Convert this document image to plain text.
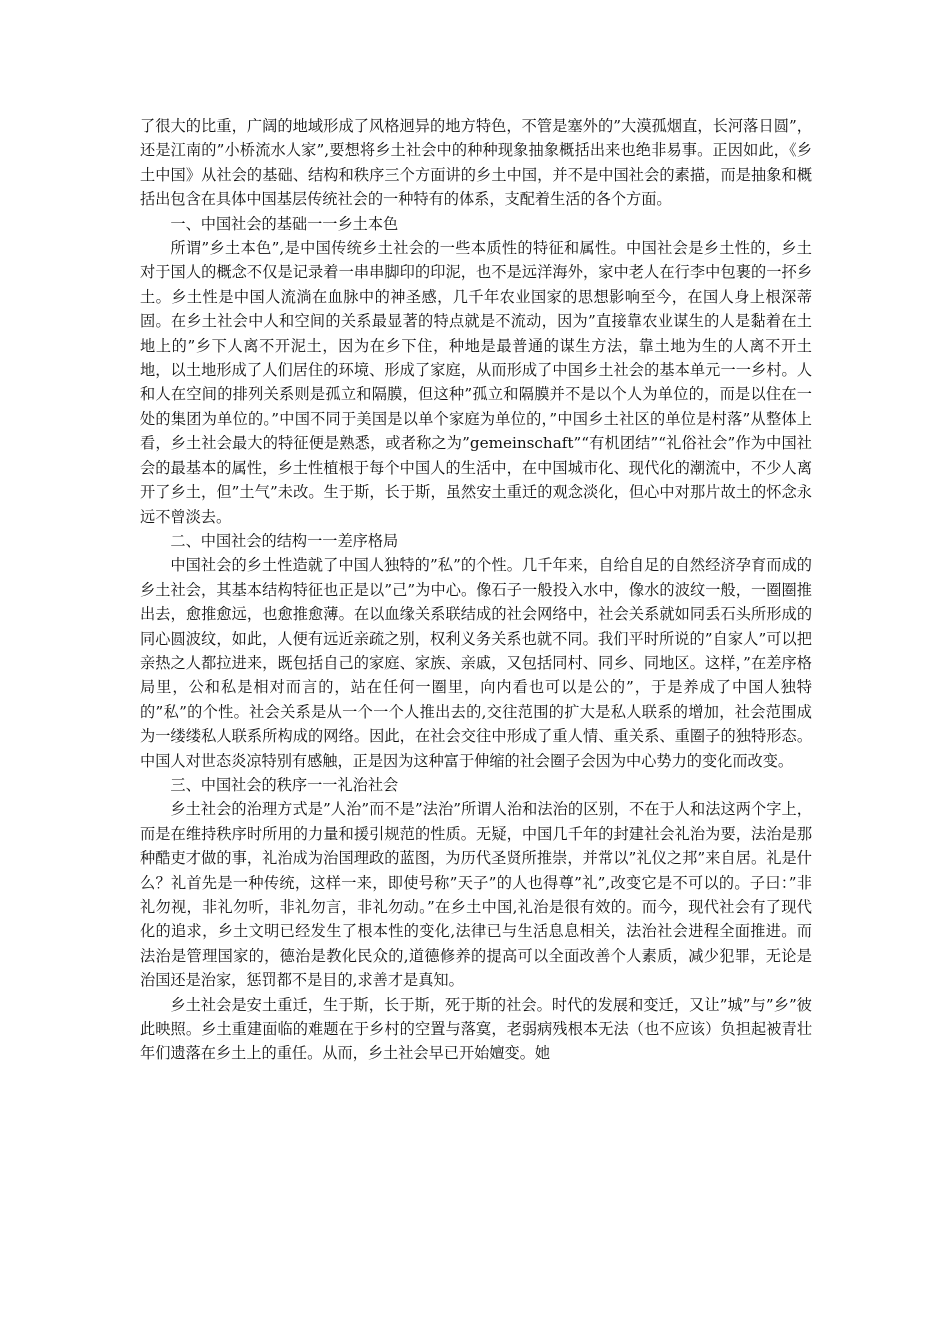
了很大的比重，广阔的地域形成了风格迥异的地方特色，不管是塞外的”大漠孤烟直，长河落日圆”，还是江南的”小桥流水人家”,要想将乡土社会中的种种现象抽象概括出来也绝非易事。正因如此，《乡土中国》从社会的基础、结构和秩序三个方面讲的乡土中国，并不是中国社会的素描，而是抽象和概括出包含在具体中国基层传统社会的一种特有的体系，支配着生活的各个方面。

一、中国社会的基础一一乡土本色

所谓”乡土本色”,是中国传统乡土社会的一些本质性的特征和属性。中国社会是乡土性的，乡土对于国人的概念不仅是记录着一串串脚印的印泥，也不是远洋海外，家中老人在行李中包裹的一抔乡土。乡土性是中国人流淌在血脉中的神圣感，几千年农业国家的思想影响至今，在国人身上根深蒂固。在乡土社会中人和空间的关系最显著的特点就是不流动，因为”直接靠农业谋生的人是黏着在土地上的”乡下人离不开泥土，因为在乡下住，种地是最普通的谋生方法，靠土地为生的人离不开土地，以土地形成了人们居住的环境、形成了家庭，从而形成了中国乡土社会的基本单元一一乡村。人和人在空间的排列关系则是孤立和隔膜，但这种”孤立和隔膜并不是以个人为单位的，而是以住在一处的集团为单位的。”中国不同于美国是以单个家庭为单位的，”中国乡土社区的单位是村落”从整体上看，乡土社会最大的特征便是熟悉，或者称之为”gemeinschaft”“有机团结”“礼俗社会”作为中国社会的最基本的属性，乡土性植根于每个中国人的生活中，在中国城市化、现代化的潮流中，不少人离开了乡土，但”土气”未改。生于斯，长于斯，虽然安土重迁的观念淡化，但心中对那片故土的怀念永远不曾淡去。

二、中国社会的结构一一差序格局

中国社会的乡土性造就了中国人独特的”私”的个性。几千年来，自给自足的自然经济孕育而成的乡土社会，其基本结构特征也正是以”己”为中心。像石子一般投入水中，像水的波纹一般，一圈圈推出去，愈推愈远，也愈推愈薄。在以血缘关系联结成的社会网络中，社会关系就如同丢石头所形成的同心圆波纹，如此，人便有远近亲疏之别，权利义务关系也就不同。我们平时所说的”自家人”可以把亲热之人都拉进来，既包括自己的家庭、家族、亲戚，又包括同村、同乡、同地区。这样，”在差序格局里，公和私是相对而言的，站在任何一圈里，向内看也可以是公的”，于是养成了中国人独特的”私”的个性。社会关系是从一个一个人推出去的,交往范围的扩大是私人联系的增加，社会范围成为一缕缕私人联系所构成的网络。因此，在社会交往中形成了重人情、重关系、重圈子的独特形态。中国人对世态炎凉特别有感触，正是因为这种富于伸缩的社会圈子会因为中心势力的变化而改变。

三、中国社会的秩序一一礼治社会

乡土社会的治理方式是”人治”而不是”法治”所谓人治和法治的区别，不在于人和法这两个字上，而是在维持秩序时所用的力量和援引规范的性质。无疑，中国几千年的封建社会礼治为要，法治是那种酷吏才做的事，礼治成为治国理政的蓝图，为历代圣贤所推崇，并常以”礼仪之邦”来自居。礼是什么？礼首先是一种传统，这样一来，即使号称”天子”的人也得尊”礼”,改变它是不可以的。子曰：”非礼勿视，非礼勿听，非礼勿言，非礼勿动。”在乡土中国,礼治是很有效的。而今，现代社会有了现代化的追求，乡土文明已经发生了根本性的变化,法律已与生活息息相关，法治社会进程全面推进。而法治是管理国家的，德治是教化民众的,道德修养的提高可以全面改善个人素质，减少犯罪，无论是治国还是治家，惩罚都不是目的,求善才是真知。

乡土社会是安土重迁，生于斯，长于斯，死于斯的社会。时代的发展和变迁，又让”城”与”乡”彼此映照。乡土重建面临的难题在于乡村的空置与落寞，老弱病残根本无法（也不应该）负担起被青壮年们遗落在乡土上的重任。从而，乡土社会早已开始嬗变。她
